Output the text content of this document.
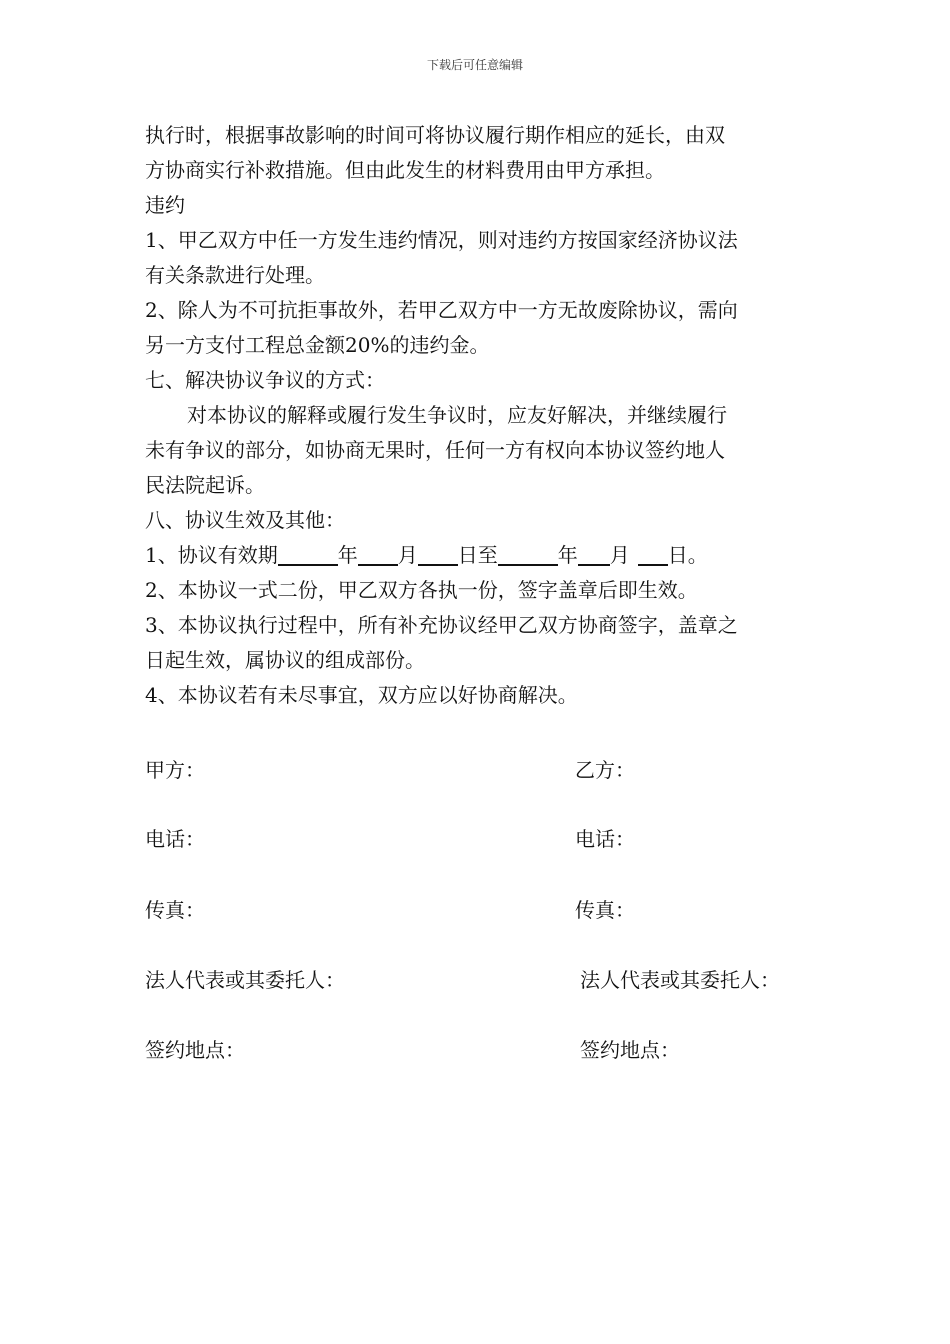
下载后可任意编辑

执行时，根据事故影响的时间可将协议履行期作相应的延长，由双

方协商实行补救措施。但由此发生的材料费用由甲方承担。

违约

1、甲乙双方中任一方发生违约情况，则对违约方按国家经济协议法

有关条款进行处理。

2、除人为不可抗拒事故外，若甲乙双方中一方无故废除协议，需向

另一方支付工程总金额20%的违约金。

七、解决协议争议的方式：

对本协议的解释或履行发生争议时，应友好解决，并继续履行

未有争议的部分，如协商无果时，任何一方有权向本协议签约地人

民法院起诉。

八、协议生效及其他：

1、协议有效期	年 月 日至	年 月 日。

2、本协议一式二份，甲乙双方各执一份，签字盖章后即生效。

3、本协议执行过程中，所有补充协议经甲乙双方协商签字，盖章之

日起生效，属协议的组成部份。

4、本协议若有未尽事宜，双方应以好协商解决。

甲方：	乙方：
电话：	电话：
传真：	传真：
法人代表或其委托人：	法人代表或其委托人：
签约地点：	签约地点：
